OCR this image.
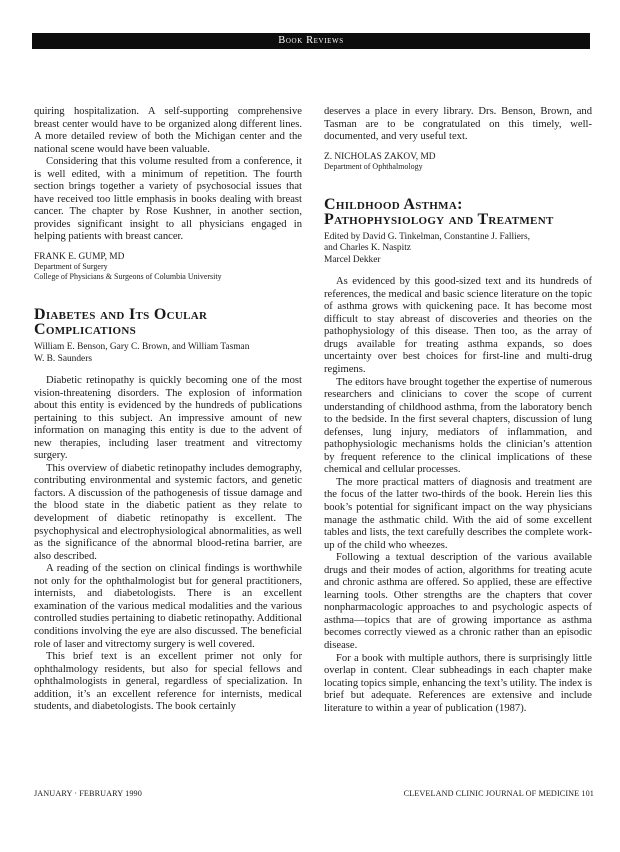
Book Reviews

quiring hospitalization. A self-supporting comprehensive breast center would have to be organized along different lines. A more detailed review of both the Michigan center and the national scene would have been valuable.

Considering that this volume resulted from a conference, it is well edited, with a minimum of repetition. The fourth section brings together a variety of psychosocial issues that have received too little emphasis in books dealing with breast cancer. The chapter by Rose Kushner, in another section, provides significant insight to all physicians engaged in helping patients with breast cancer.

FRANK E. GUMP, MD
Department of Surgery
College of Physicians & Surgeons of Columbia University
Diabetes and Its Ocular
Complications
William E. Benson, Gary C. Brown, and William Tasman
W. B. Saunders

Diabetic retinopathy is quickly becoming one of the most vision-threatening disorders. The explosion of information about this entity is evidenced by the hundreds of publications pertaining to this subject. An impressive amount of new information on managing this entity is due to the advent of new therapies, including laser treatment and vitrectomy surgery.

This overview of diabetic retinopathy includes demography, contributing environmental and systemic factors, and genetic factors. A discussion of the pathogenesis of tissue damage and the blood state in the diabetic patient as they relate to development of diabetic retinopathy is excellent. The psychophysical and electrophysiological abnormalities, as well as the significance of the abnormal blood-retina barrier, are also described.

A reading of the section on clinical findings is worthwhile not only for the ophthalmologist but for general practitioners, internists, and diabetologists. There is an excellent examination of the various medical modalities and the various controlled studies pertaining to diabetic retinopathy. Additional conditions involving the eye are also discussed. The beneficial role of laser and vitrectomy surgery is well covered.

This brief text is an excellent primer not only for ophthalmology residents, but also for special fellows and ophthalmologists in general, regardless of specialization. In addition, it’s an excellent reference for internists, medical students, and diabetologists. The book certainly

deserves a place in every library. Drs. Benson, Brown, and Tasman are to be congratulated on this timely, well-documented, and very useful text.

Z. NICHOLAS ZAKOV, MD
Department of Ophthalmology
Childhood Asthma:
Pathophysiology and Treatment
Edited by David G. Tinkelman, Constantine J. Falliers,
and Charles K. Naspitz
Marcel Dekker

As evidenced by this good-sized text and its hundreds of references, the medical and basic science literature on the topic of asthma grows with quickening pace. It has become most difficult to stay abreast of discoveries and theories on the pathophysiology of this disease. Then too, as the array of drugs available for treating asthma expands, so does uncertainty over best choices for first-line and multi-drug regimens.

The editors have brought together the expertise of numerous researchers and clinicians to cover the scope of current understanding of childhood asthma, from the laboratory bench to the bedside. In the first several chapters, discussion of lung defenses, lung injury, mediators of inflammation, and pathophysiologic mechanisms holds the clinician’s attention by frequent reference to the clinical implications of these chemical and cellular processes.

The more practical matters of diagnosis and treatment are the focus of the latter two-thirds of the book. Herein lies this book’s potential for significant impact on the way physicians manage the asthmatic child. With the aid of some excellent tables and lists, the text carefully describes the complete work-up of the child who wheezes.

Following a textual description of the various available drugs and their modes of action, algorithms for treating acute and chronic asthma are offered. So applied, these are effective learning tools. Other strengths are the chapters that cover nonpharmacologic approaches to and psychologic aspects of asthma—topics that are of growing importance as asthma becomes correctly viewed as a chronic rather than an episodic disease.

For a book with multiple authors, there is surprisingly little overlap in content. Clear subheadings in each chapter make locating topics simple, enhancing the text’s utility. The index is brief but adequate. References are extensive and include literature to within a year of publication (1987).

JANUARY · FEBRUARY 1990	CLEVELAND CLINIC JOURNAL OF MEDICINE 101
